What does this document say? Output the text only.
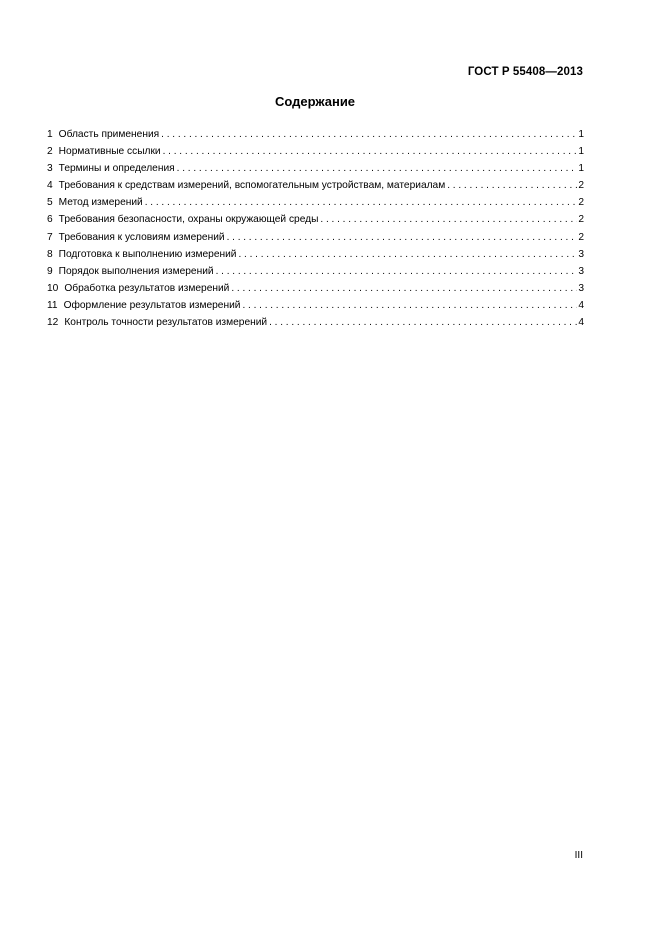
ГОСТ Р 55408—2013
Содержание
1 Область применения . . .	1
2 Нормативные ссылки . . .	1
3 Термины и определения . . .	1
4 Требования к средствам измерений, вспомогательным устройствам, материалам . . .	2
5 Метод измерений . . .	2
6 Требования безопасности, охраны окружающей среды . . .	2
7 Требования к условиям измерений . . .	2
8 Подготовка к выполнению измерений . . .	3
9 Порядок выполнения измерений . . .	3
10 Обработка результатов измерений . . .	3
11 Оформление результатов измерений . . .	4
12 Контроль точности результатов измерений . . .	4
III
